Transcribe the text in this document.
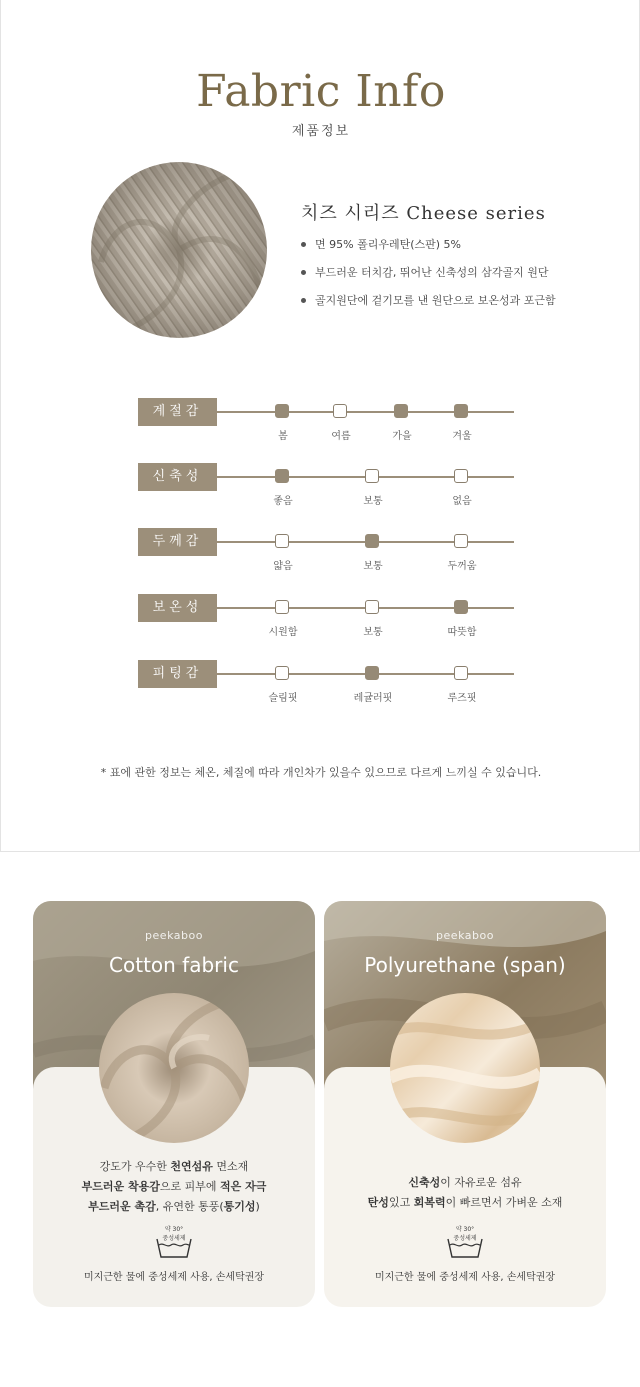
Fabric Info
제품정보
치즈 시리즈 Cheese series
면 95% 폴리우레탄(스판) 5%
부드러운 터치감, 뛰어난 신축성의 삼각골지 원단
골지원단에 겉기모를 낸 원단으로 보온성과 포근함
계절감
봄	여름	가을	겨울
신축성
좋음	보통	없음
두께감
얇음	보통	두꺼움
보온성
시원함	보통	따뜻함
피팅감
슬림핏	레귤러핏	루즈핏
* 표에 관한 정보는 체온, 체질에 따라 개인차가 있을수 있으므로 다르게 느끼실 수 있습니다.
peekaboo
Cotton fabric
강도가 우수한 천연섬유 면소재
부드러운 착용감으로 피부에 적은 자극
부드러운 촉감, 유연한 통풍(통기성)
약 30°
중성세제
미지근한 물에 중성세제 사용, 손세탁권장
peekaboo
Polyurethane (span)
신축성이 자유로운 섬유
탄성있고 회복력이 빠르면서 가벼운 소재
약 30°
중성세제
미지근한 물에 중성세제 사용, 손세탁권장
